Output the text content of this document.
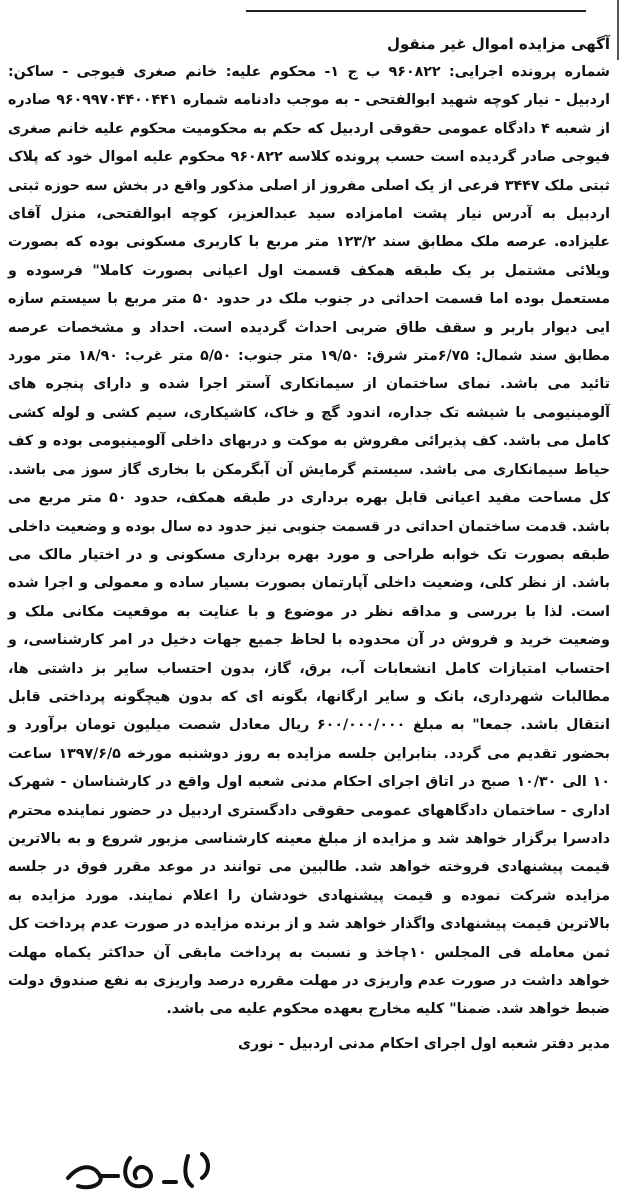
آگهی مزایده اموال غیر منقول

شماره پرونده اجرایی: ۹۶۰۸۲۲ ب ج ۱- محکوم علیه: خانم صغری فیوجی - ساکن: اردبیل - نیار کوچه شهید ابوالفتحی - به موجب دادنامه شماره ۹۶۰۹۹۷۰۴۴۰۰۴۴۱ صادره از شعبه ۴ دادگاه عمومی حقوقی اردبیل که حکم به محکومیت محکوم علیه خانم صغری فیوجی صادر گردیده است حسب پرونده کلاسه ۹۶۰۸۲۲ محکوم علیه اموال خود که پلاک ثبتی ملک ۳۴۴۷ فرعی از یک اصلی مفروز از اصلی مذکور واقع در بخش سه حوزه ثبتی اردبیل به آدرس نیار پشت امامزاده سید عبدالعزیز، کوچه ابوالفتحی، منزل آقای علیزاده. عرصه ملک مطابق سند ۱۲۳/۲ متر مربع با کاربری مسکونی بوده که بصورت ویلائی مشتمل بر یک طبقه همکف قسمت اول اعیانی بصورت کاملا" فرسوده و مستعمل بوده اما قسمت احداثی در جنوب ملک در حدود ۵۰ متر مربع با سیستم سازه ایی دیوار باربر و سقف طاق ضربی احداث گردیده است. احداد و مشخصات عرصه مطابق سند شمال: ۶/۷۵متر شرق: ۱۹/۵۰ متر جنوب: ۵/۵۰ متر غرب: ۱۸/۹۰ متر مورد تائید می باشد. نمای ساختمان از سیمانکاری آستر اجرا شده و دارای پنجره های آلومینیومی با شیشه تک جداره، اندود گچ و خاک، کاشیکاری، سیم کشی و لوله کشی کامل می باشد. کف پذیرائی مفروش به موکت و دربهای داخلی آلومینیومی بوده و کف حیاط سیمانکاری می باشد. سیستم گرمایش آن آبگرمکن با بخاری گاز سوز می باشد. کل مساحت مفید اعیانی قابل بهره برداری در طبقه همکف، حدود ۵۰ متر مربع می باشد. قدمت ساختمان احداثی در قسمت جنوبی نیز حدود ده سال بوده و وضعیت داخلی طبقه بصورت تک خوابه طراحی و مورد بهره برداری مسکونی و در اختیار مالک می باشد. از نظر کلی، وضعیت داخلی آپارتمان بصورت بسیار ساده و معمولی و اجرا شده است. لذا با بررسی و مداقه نظر در موضوع و با عنایت به موقعیت مکانی ملک و وضعیت خرید و فروش در آن محدوده با لحاظ جمیع جهات دخیل در امر کارشناسی، و احتساب امتیازات کامل انشعابات آب، برق، گاز، بدون احتساب سایر بز داشتی ها، مطالبات شهرداری، بانک و سایر ارگانها، بگونه ای که بدون هیچگونه پرداختی قابل انتقال باشد. جمعا" به مبلغ ۶۰۰/۰۰۰/۰۰۰ ریال معادل شصت میلیون تومان برآورد و بحضور تقدیم می گردد. بنابراین جلسه مزایده به روز دوشنبه مورخه ۱۳۹۷/۶/۵ ساعت ۱۰ الی ۱۰/۳۰ صبح در اتاق اجرای احکام مدنی شعبه اول واقع در کارشناسان - شهرک اداری - ساختمان دادگاههای عمومی حقوقی دادگستری اردبیل در حضور نماینده محترم دادسرا برگزار خواهد شد و مزایده از مبلغ معینه کارشناسی مزبور شروع و به بالاترین قیمت پیشنهادی فروخته خواهد شد. طالبین می توانند در موعد مقرر فوق در جلسه مزایده شرکت نموده و قیمت پیشنهادی خودشان را اعلام نمایند. مورد مزایده به بالاترین قیمت پیشنهادی واگذار خواهد شد و از برنده مزایده در صورت عدم پرداخت کل ثمن معامله فی المجلس ۱۰چاخذ و نسبت به پرداخت مابقی آن حداکثر یکماه مهلت خواهد داشت در صورت عدم واریزی در مهلت مقرره درصد واریزی به نفع صندوق دولت ضبط خواهد شد. ضمنا" کلیه مخارج بعهده محکوم علیه می باشد.

مدیر دفتر شعبه اول اجرای احکام مدنی اردبیل - نوری
